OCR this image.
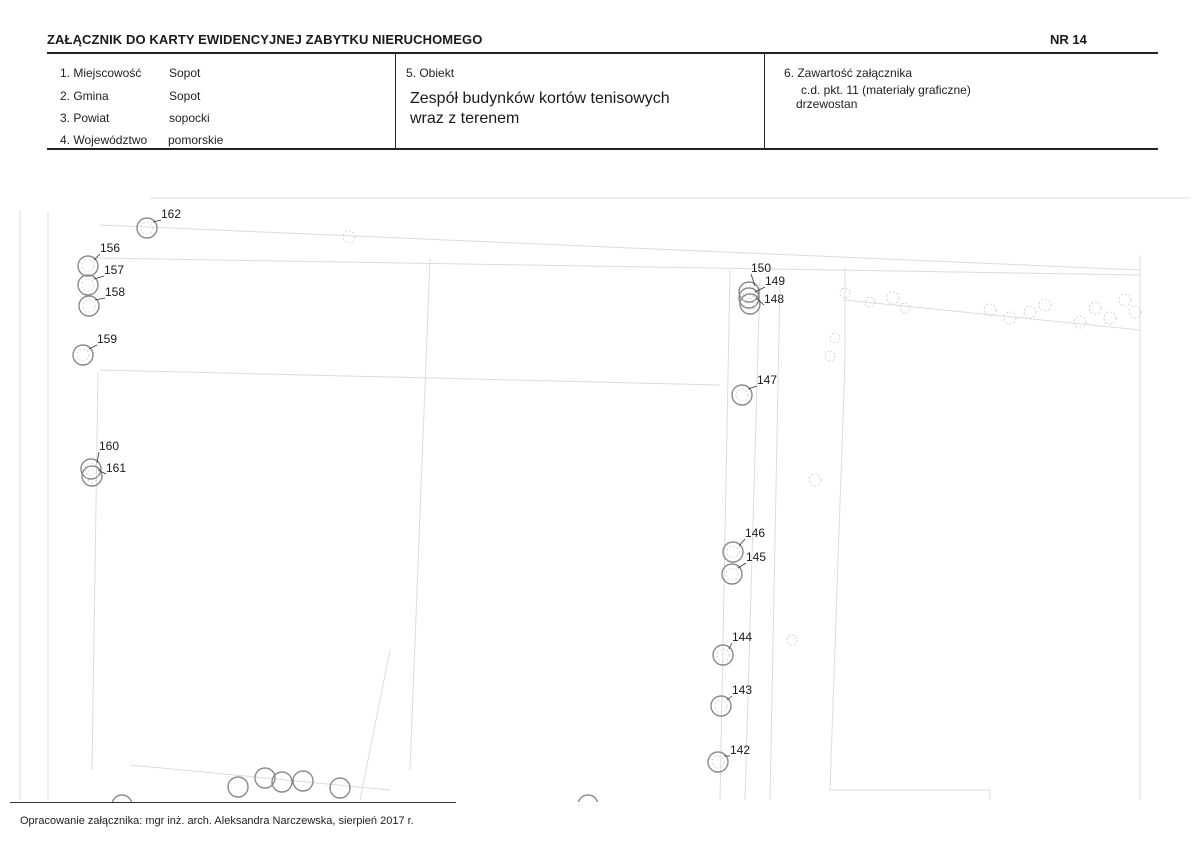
ZAŁĄCZNIK DO KARTY EWIDENCYJNEJ ZABYTKU NIERUCHOMEGO	NR 14
1. Miejscowość Sopot
2. Gmina	Sopot
3. Powiat	sopocki
4. Województwo pomorskie
5. Obiekt
Zespół budynków kortów tenisowych
wraz z terenem
6. Zawartość załącznika
c.d. pkt. 11 (materiały graficzne)
drzewostan
162
156
157
158
159
160
161
150
149
148
147
146
145
144
143
142
Opracowanie załącznika: mgr inż. arch. Aleksandra Narczewska, sierpień 2017 r.
